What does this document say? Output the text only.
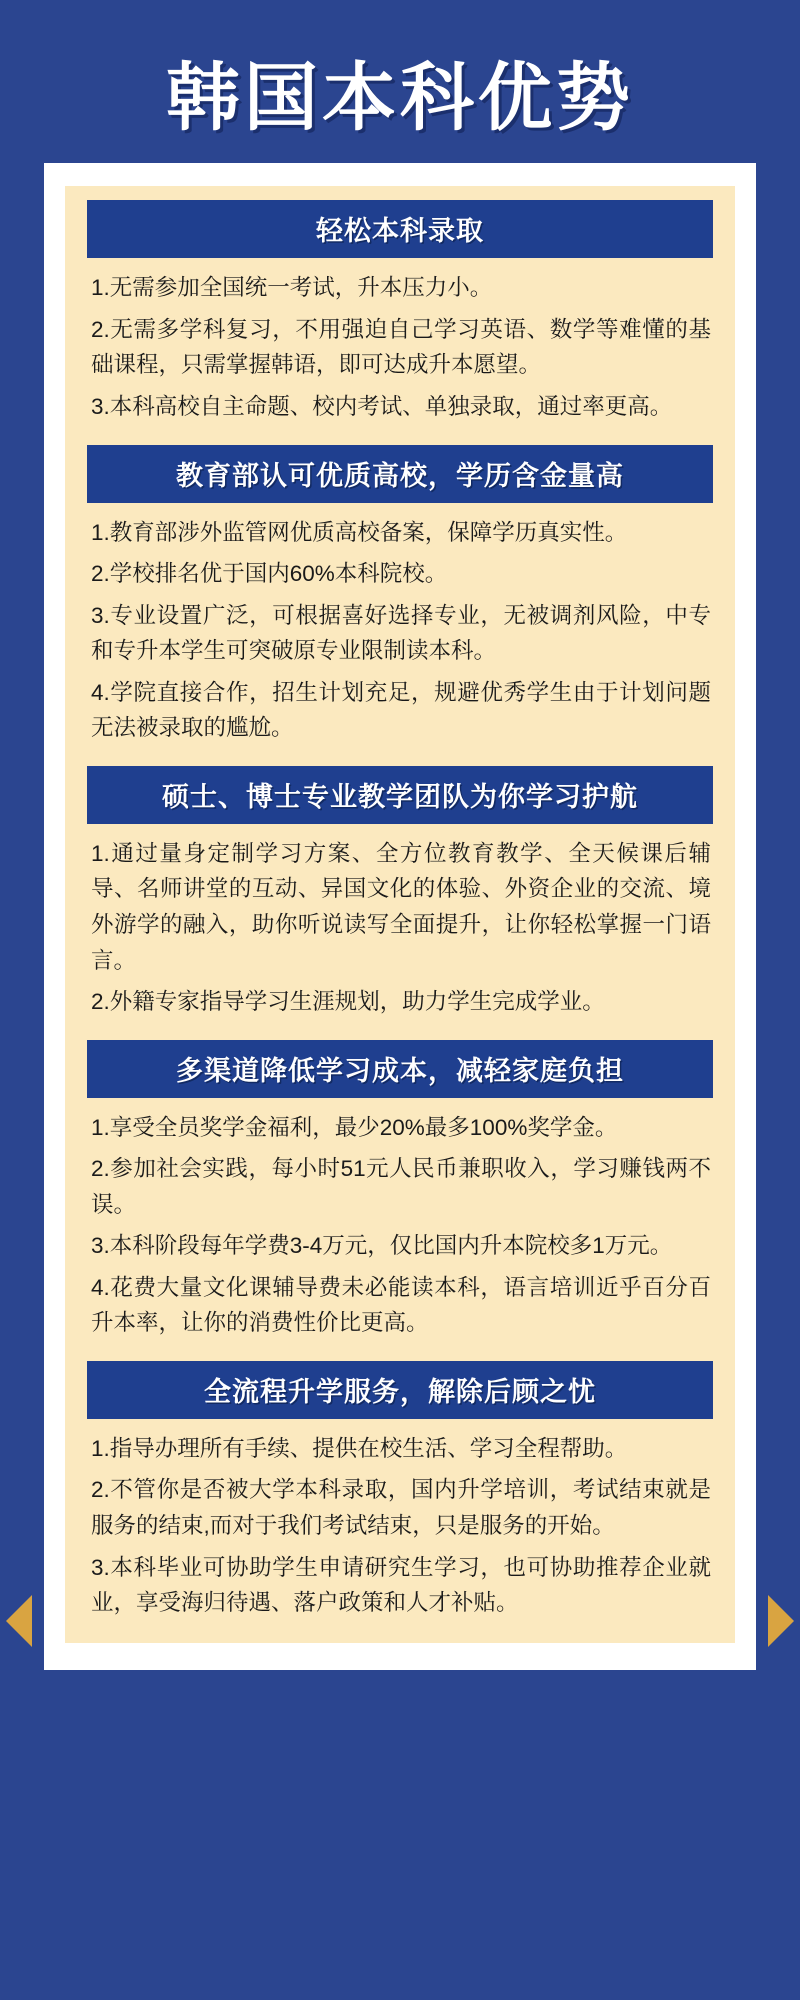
韩国本科优势
轻松本科录取

1.无需参加全国统一考试，升本压力小。

2.无需多学科复习，不用强迫自己学习英语、数学等难懂的基础课程，只需掌握韩语，即可达成升本愿望。

3.本科高校自主命题、校内考试、单独录取，通过率更高。

教育部认可优质高校，学历含金量高

1.教育部涉外监管网优质高校备案，保障学历真实性。

2.学校排名优于国内60%本科院校。

3.专业设置广泛，可根据喜好选择专业，无被调剂风险，中专和专升本学生可突破原专业限制读本科。

4.学院直接合作，招生计划充足，规避优秀学生由于计划问题无法被录取的尴尬。

硕士、博士专业教学团队为你学习护航

1.通过量身定制学习方案、全方位教育教学、全天候课后辅导、名师讲堂的互动、异国文化的体验、外资企业的交流、境外游学的融入，助你听说读写全面提升，让你轻松掌握一门语言。

2.外籍专家指导学习生涯规划，助力学生完成学业。

多渠道降低学习成本，减轻家庭负担

1.享受全员奖学金福利，最少20%最多100%奖学金。

2.参加社会实践，每小时51元人民币兼职收入，学习赚钱两不误。

3.本科阶段每年学费3-4万元，仅比国内升本院校多1万元。

4.花费大量文化课辅导费未必能读本科，语言培训近乎百分百升本率，让你的消费性价比更高。

全流程升学服务，解除后顾之忧

1.指导办理所有手续、提供在校生活、学习全程帮助。

2.不管你是否被大学本科录取，国内升学培训，考试结束就是服务的结束,而对于我们考试结束，只是服务的开始。

3.本科毕业可协助学生申请研究生学习，也可协助推荐企业就业，享受海归待遇、落户政策和人才补贴。
